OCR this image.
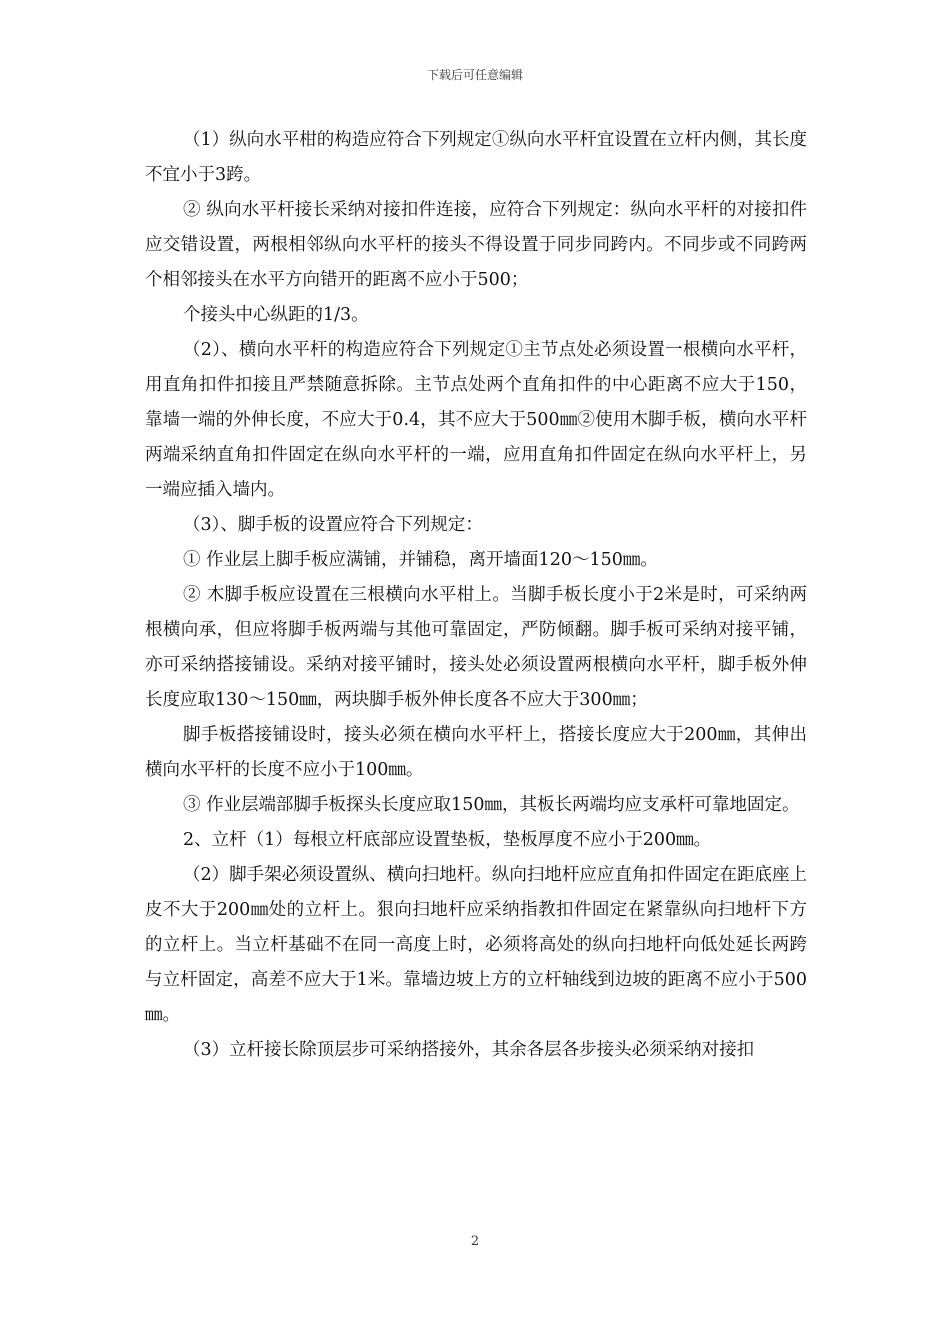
下载后可任意编辑

（1）纵向水平柑的构造应符合下列规定①纵向水平杆宜设置在立杆内侧，其长度不宜小于3跨。

② 纵向水平杆接长采纳对接扣件连接，应符合下列规定：纵向水平杆的对接扣件应交错设置，两根相邻纵向水平杆的接头不得设置于同步同跨内。不同步或不同跨两个相邻接头在水平方向错开的距离不应小于500；

个接头中心纵距的1/3。

（2）、横向水平杆的构造应符合下列规定①主节点处必须设置一根横向水平杆，用直角扣件扣接且严禁随意拆除。主节点处两个直角扣件的中心距离不应大于150，靠墙一端的外伸长度，不应大于0.4，其不应大于500㎜②使用木脚手板，横向水平杆两端采纳直角扣件固定在纵向水平杆的一端，应用直角扣件固定在纵向水平杆上，另一端应插入墙内。

（3）、脚手板的设置应符合下列规定：

① 作业层上脚手板应满铺，并铺稳，离开墙面120～150㎜。

② 木脚手板应设置在三根横向水平柑上。当脚手板长度小于2米是时，可采纳两根横向承，但应将脚手板两端与其他可靠固定，严防倾翻。脚手板可采纳对接平铺，亦可采纳搭接铺设。采纳对接平铺时，接头处必须设置两根横向水平杆，脚手板外伸长度应取130～150㎜，两块脚手板外伸长度各不应大于300㎜；

脚手板搭接铺设时，接头必须在横向水平杆上，搭接长度应大于200㎜，其伸出横向水平杆的长度不应小于100㎜。

③ 作业层端部脚手板探头长度应取150㎜，其板长两端均应支承杆可靠地固定。

2、立杆（1）每根立杆底部应设置垫板，垫板厚度不应小于200㎜。

（2）脚手架必须设置纵、横向扫地杆。纵向扫地杆应应直角扣件固定在距底座上皮不大于200㎜处的立杆上。狠向扫地杆应采纳指教扣件固定在紧靠纵向扫地杆下方的立杆上。当立杆基础不在同一高度上时，必须将高处的纵向扫地杆向低处延长两跨与立杆固定，高差不应大于1米。靠墙边坡上方的立杆轴线到边坡的距离不应小于500㎜。

（3）立杆接长除顶层步可采纳搭接外，其余各层各步接头必须采纳对接扣

2
